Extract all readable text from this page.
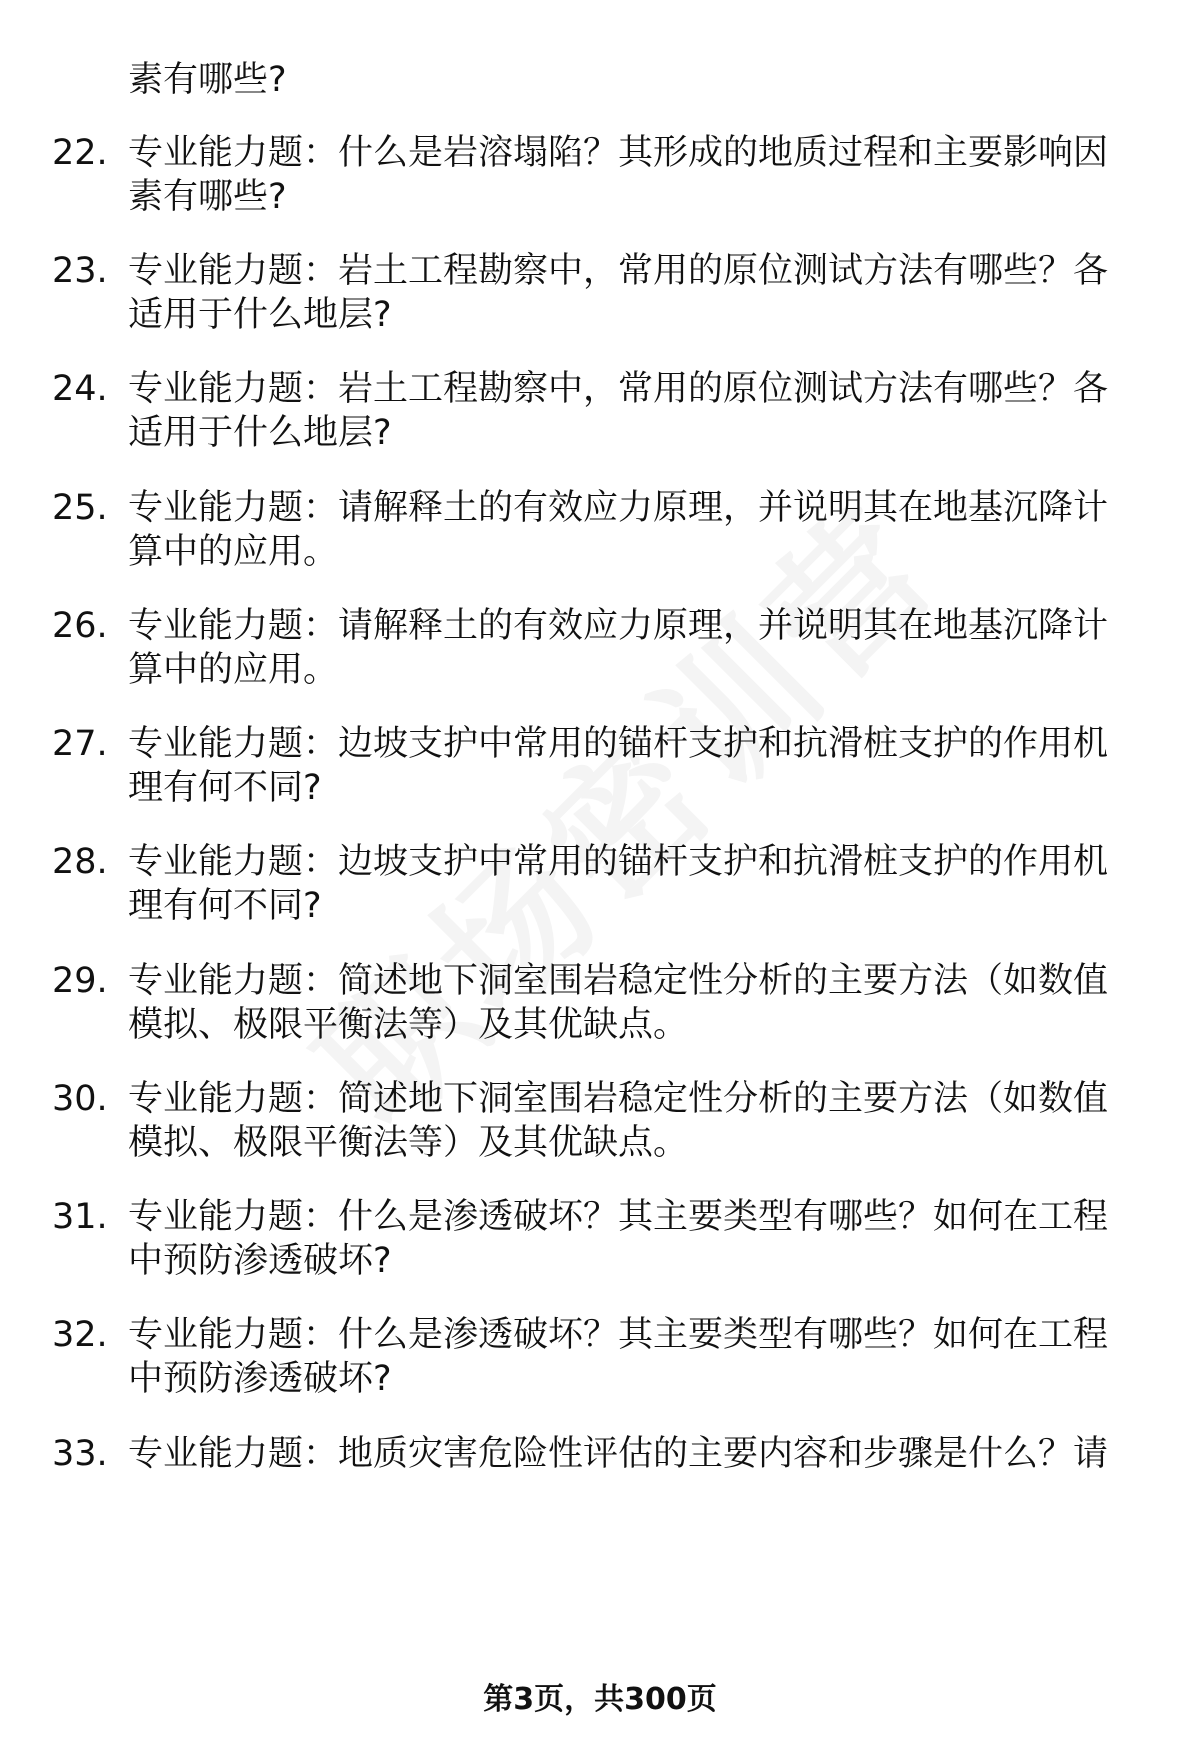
素有哪些?
22. 专业能力题：什么是岩溶塌陷？其形成的地质过程和主要影响因
素有哪些?
23. 专业能力题：岩土工程勘察中，常用的原位测试方法有哪些？各
适用于什么地层?
24. 专业能力题：岩土工程勘察中，常用的原位测试方法有哪些？各
适用于什么地层?
25. 专业能力题：请解释土的有效应力原理，并说明其在地基沉降计
算中的应用。
26. 专业能力题：请解释土的有效应力原理，并说明其在地基沉降计
算中的应用。
27. 专业能力题：边坡支护中常用的锚杆支护和抗滑桩支护的作用机
理有何不同?
28. 专业能力题：边坡支护中常用的锚杆支护和抗滑桩支护的作用机
理有何不同?
29. 专业能力题：简述地下洞室围岩稳定性分析的主要方法（如数值
模拟、极限平衡法等）及其优缺点。
30. 专业能力题：简述地下洞室围岩稳定性分析的主要方法（如数值
模拟、极限平衡法等）及其优缺点。
31. 专业能力题：什么是渗透破坏？其主要类型有哪些？如何在工程
中预防渗透破坏?
32. 专业能力题：什么是渗透破坏？其主要类型有哪些？如何在工程
中预防渗透破坏?
33. 专业能力题：地质灾害危险性评估的主要内容和步骤是什么？请
第3页，共300页
